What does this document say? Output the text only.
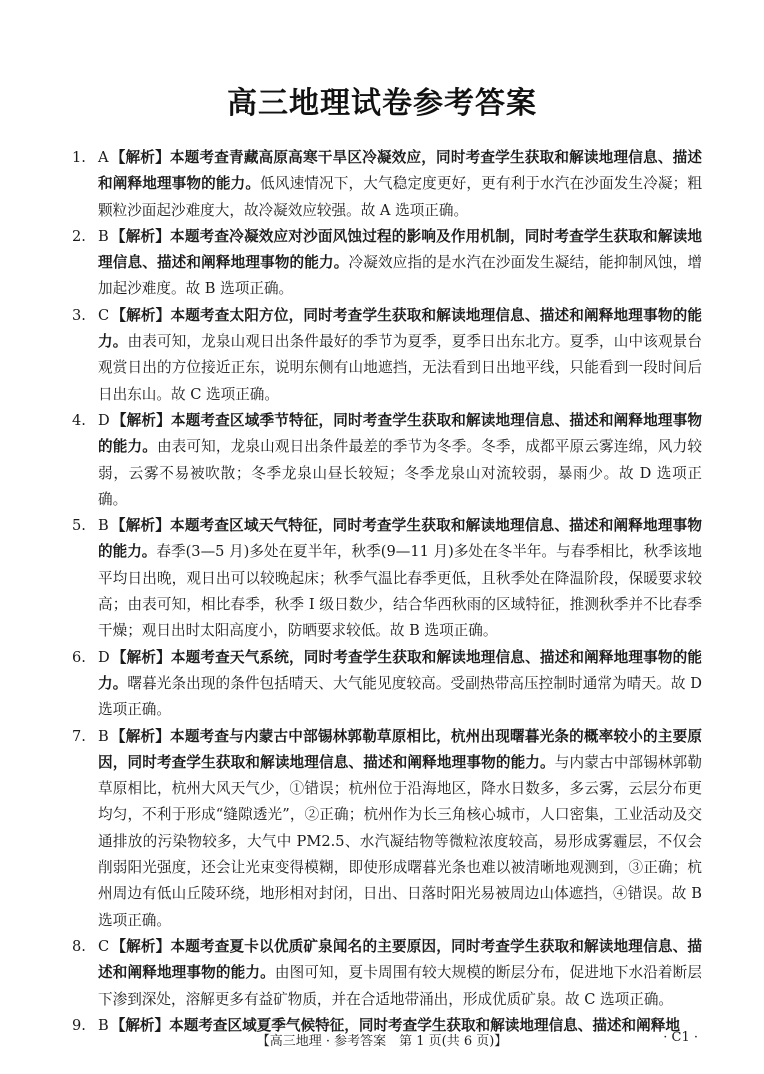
高三地理试卷参考答案

1. A 【解析】本题考查青藏高原高寒干旱区冷凝效应，同时考查学生获取和解读地理信息、描述和阐释地理事物的能力。低风速情况下，大气稳定度更好，更有利于水汽在沙面发生冷凝；粗颗粒沙面起沙难度大，故冷凝效应较强。故 A 选项正确。

2. B 【解析】本题考查冷凝效应对沙面风蚀过程的影响及作用机制，同时考查学生获取和解读地理信息、描述和阐释地理事物的能力。冷凝效应指的是水汽在沙面发生凝结，能抑制风蚀，增加起沙难度。故 B 选项正确。

3. C 【解析】本题考查太阳方位，同时考查学生获取和解读地理信息、描述和阐释地理事物的能力。由表可知，龙泉山观日出条件最好的季节为夏季，夏季日出东北方。夏季，山中该观景台观赏日出的方位接近正东，说明东侧有山地遮挡，无法看到日出地平线，只能看到一段时间后日出东山。故 C 选项正确。

4. D 【解析】本题考查区域季节特征，同时考查学生获取和解读地理信息、描述和阐释地理事物的能力。由表可知，龙泉山观日出条件最差的季节为冬季。冬季，成都平原云雾连绵，风力较弱，云雾不易被吹散；冬季龙泉山昼长较短；冬季龙泉山对流较弱，暴雨少。故 D 选项正确。

5. B 【解析】本题考查区域天气特征，同时考查学生获取和解读地理信息、描述和阐释地理事物的能力。春季(3—5 月)多处在夏半年，秋季(9—11 月)多处在冬半年。与春季相比，秋季该地平均日出晚，观日出可以较晚起床；秋季气温比春季更低，且秋季处在降温阶段，保暖要求较高；由表可知，相比春季，秋季 I 级日数少，结合华西秋雨的区域特征，推测秋季并不比春季干燥；观日出时太阳高度小，防晒要求较低。故 B 选项正确。

6. D 【解析】本题考查天气系统，同时考查学生获取和解读地理信息、描述和阐释地理事物的能力。曙暮光条出现的条件包括晴天、大气能见度较高。受副热带高压控制时通常为晴天。故 D 选项正确。

7. B 【解析】本题考查与内蒙古中部锡林郭勒草原相比，杭州出现曙暮光条的概率较小的主要原因，同时考查学生获取和解读地理信息、描述和阐释地理事物的能力。与内蒙古中部锡林郭勒草原相比，杭州大风天气少，①错误；杭州位于沿海地区，降水日数多，多云雾，云层分布更均匀，不利于形成“缝隙透光”，②正确；杭州作为长三角核心城市，人口密集，工业活动及交通排放的污染物较多，大气中 PM2.5、水汽凝结物等微粒浓度较高，易形成雾霾层，不仅会削弱阳光强度，还会让光束变得模糊，即使形成曙暮光条也难以被清晰地观测到，③正确；杭州周边有低山丘陵环绕，地形相对封闭，日出、日落时阳光易被周边山体遮挡，④错误。故 B 选项正确。

8. C 【解析】本题考查夏卡以优质矿泉闻名的主要原因，同时考查学生获取和解读地理信息、描述和阐释地理事物的能力。由图可知，夏卡周围有较大规模的断层分布，促进地下水沿着断层下渗到深处，溶解更多有益矿物质，并在合适地带涌出，形成优质矿泉。故 C 选项正确。

9. B 【解析】本题考查区域夏季气候特征，同时考查学生获取和解读地理信息、描述和阐释地

【高三地理 · 参考答案　第 1 页(共 6 页)】	· C1 ·
